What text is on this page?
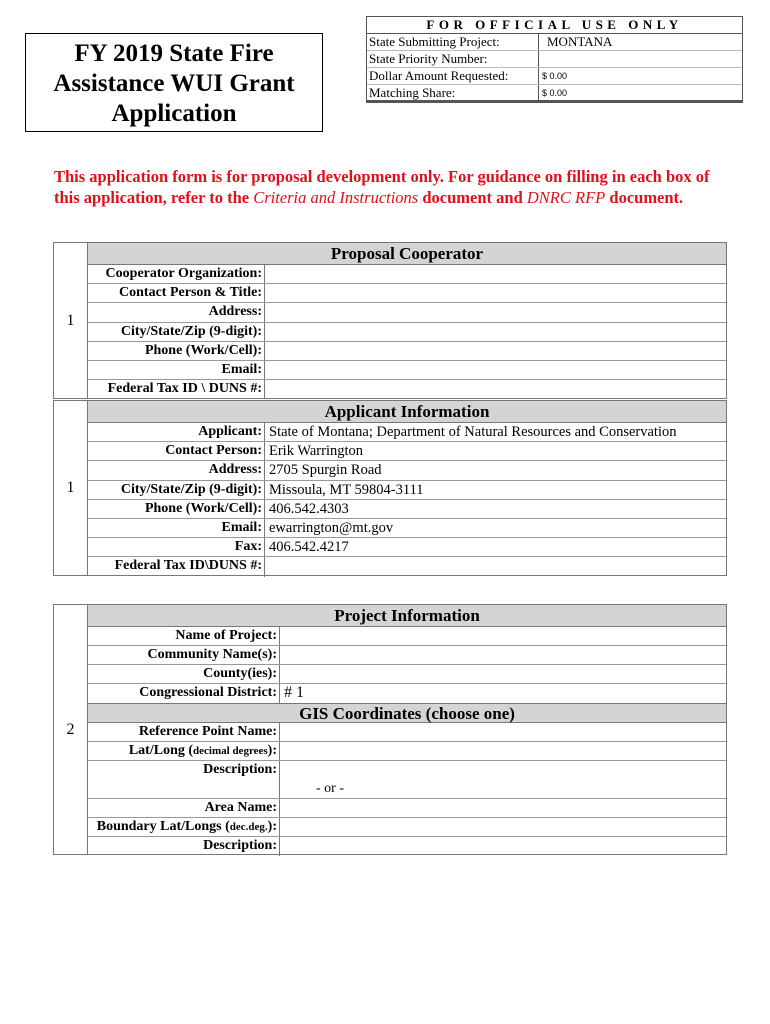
FY 2019 State Fire
Assistance WUI Grant
Application
FOR OFFICIAL USE ONLY
State Submitting Project:	MONTANA
State Priority Number:
Dollar Amount Requested:	$ 0.00
Matching Share:	$ 0.00
This application form is for proposal development only. For guidance on filling in each box of this application, refer to the Criteria and Instructions document and DNRC RFP document.
1
Proposal Cooperator
Cooperator Organization:
Contact Person & Title:
Address:
City/State/Zip (9-digit):
Phone (Work/Cell):
Email:
Federal Tax ID \ DUNS #:
1
Applicant Information
Applicant: State of Montana; Department of Natural Resources and Conservation
Contact Person: Erik Warrington
Address: 2705 Spurgin Road
City/State/Zip (9-digit): Missoula, MT 59804-3111
Phone (Work/Cell): 406.542.4303
Email: ewarrington@mt.gov
Fax: 406.542.4217
Federal Tax ID\DUNS #:
2
Project Information
Name of Project:
Community Name(s):
County(ies):
Congressional District: # 1
GIS Coordinates (choose one)
Reference Point Name:
Lat/Long (decimal degrees):
Description:
- or -
Area Name:
Boundary Lat/Longs (dec.deg.):
Description:
